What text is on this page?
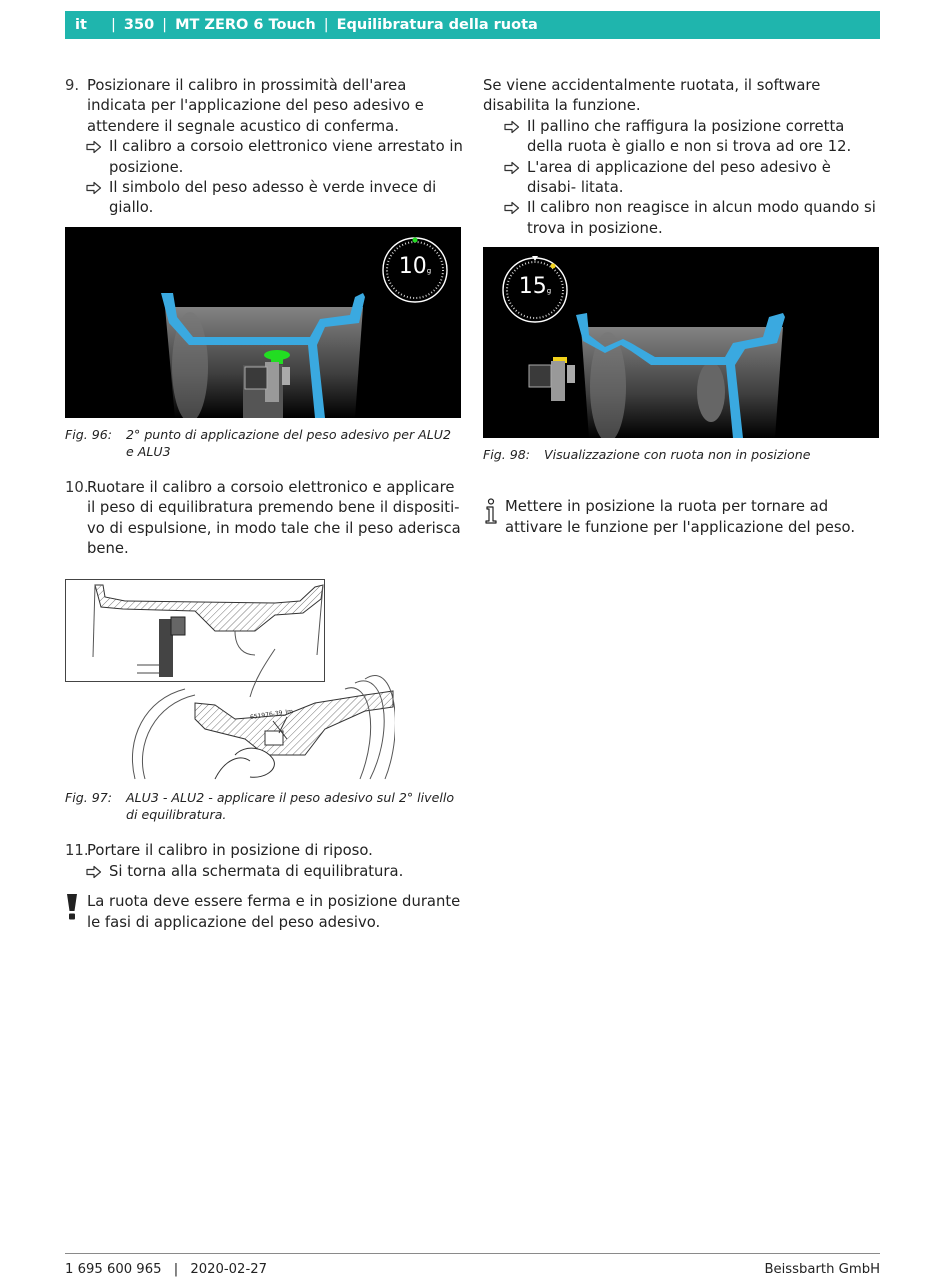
it	| 350 | MT ZERO 6 Touch | Equilibratura della ruota
9. Posizionare il calibro in prossimità dell'area indicata per l'applicazione del peso adesivo e attendere il segnale acustico di conferma.
Il calibro a corsoio elettronico viene arrestato in posizione.
Il simbolo del peso adesso è verde invece di giallo.
10g
Fig. 96:	2° punto di applicazione del peso adesivo per ALU2 e ALU3
10.
Ruotare il calibro a corsoio elettronico e applicare il peso di equilibratura premendo bene il dispositi- vo di espulsione, in modo tale che il peso aderisca bene.
651976-39_Im
Fig. 97:	ALU3 - ALU2 - applicare il peso adesivo sul 2° livello di equilibratura.
11.
Portare il calibro in posizione di riposo.
Si torna alla schermata di equilibratura.
La ruota deve essere ferma e in posizione durante le fasi di applicazione del peso adesivo.
Se viene accidentalmente ruotata, il software disabilita la funzione.
Il pallino che raffigura la posizione corretta della ruota è giallo e non si trova ad ore 12.
L'area di applicazione del peso adesivo è disabi- litata.
Il calibro non reagisce in alcun modo quando si trova in posizione.
15g
Fig. 98:	Visualizzazione con ruota non in posizione
Mettere in posizione la ruota per tornare ad attivare le funzione per l'applicazione del peso.
1 695 600 965 | 2020-02-27	Beissbarth GmbH
